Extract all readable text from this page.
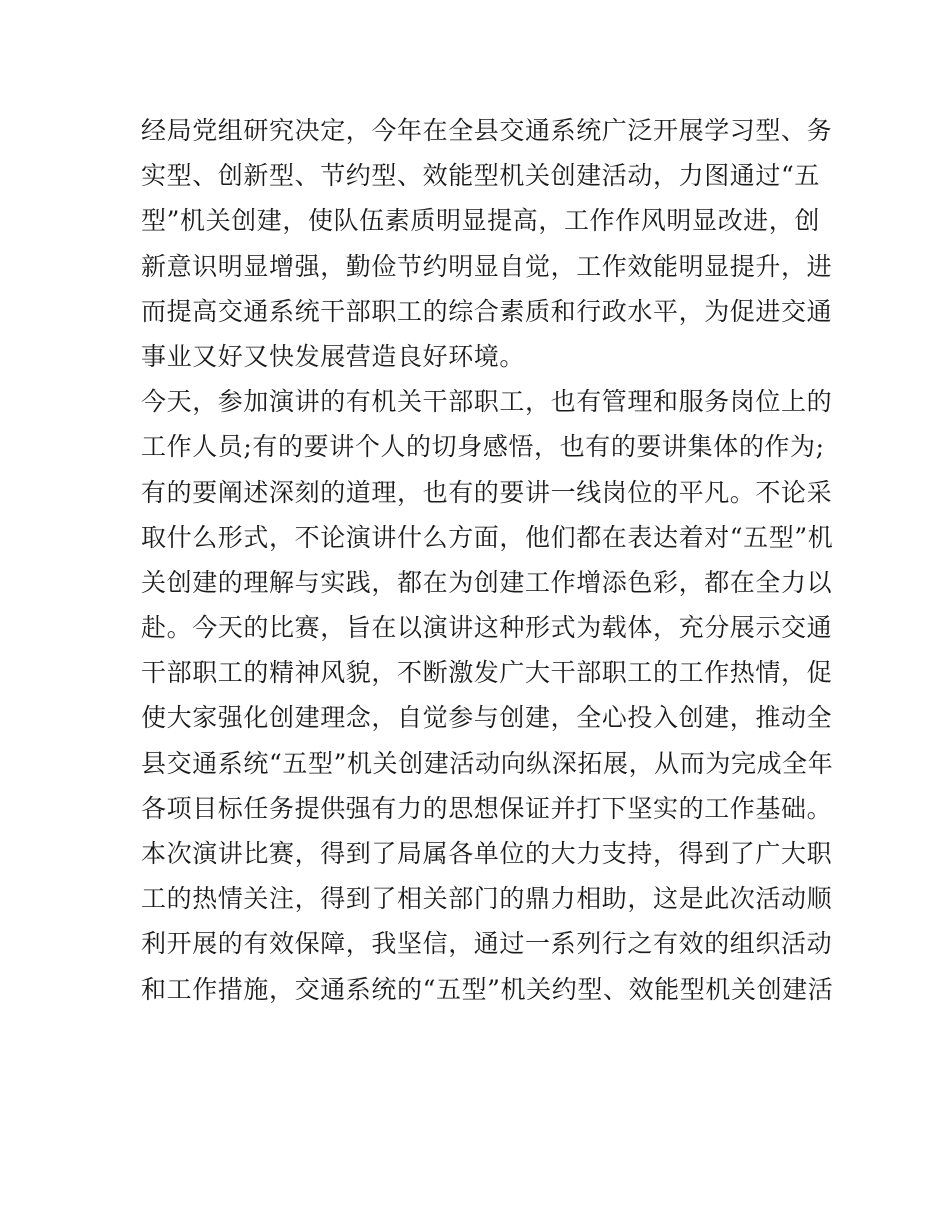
经局党组研究决定，今年在全县交通系统广泛开展学习型、务
实型、创新型、节约型、效能型机关创建活动，力图通过“五
型”机关创建，使队伍素质明显提高，工作作风明显改进，创
新意识明显增强，勤俭节约明显自觉，工作效能明显提升，进
而提高交通系统干部职工的综合素质和行政水平，为促进交通
事业又好又快发展营造良好环境。
今天，参加演讲的有机关干部职工，也有管理和服务岗位上的
工作人员;有的要讲个人的切身感悟，也有的要讲集体的作为;
有的要阐述深刻的道理，也有的要讲一线岗位的平凡。不论采
取什么形式，不论演讲什么方面，他们都在表达着对“五型”机
关创建的理解与实践，都在为创建工作增添色彩，都在全力以
赴。今天的比赛，旨在以演讲这种形式为载体，充分展示交通
干部职工的精神风貌，不断激发广大干部职工的工作热情，促
使大家强化创建理念，自觉参与创建，全心投入创建，推动全
县交通系统“五型”机关创建活动向纵深拓展，从而为完成全年
各项目标任务提供强有力的思想保证并打下坚实的工作基础。
本次演讲比赛，得到了局属各单位的大力支持，得到了广大职
工的热情关注，得到了相关部门的鼎力相助，这是此次活动顺
利开展的有效保障，我坚信，通过一系列行之有效的组织活动
和工作措施，交通系统的“五型”机关约型、效能型机关创建活
